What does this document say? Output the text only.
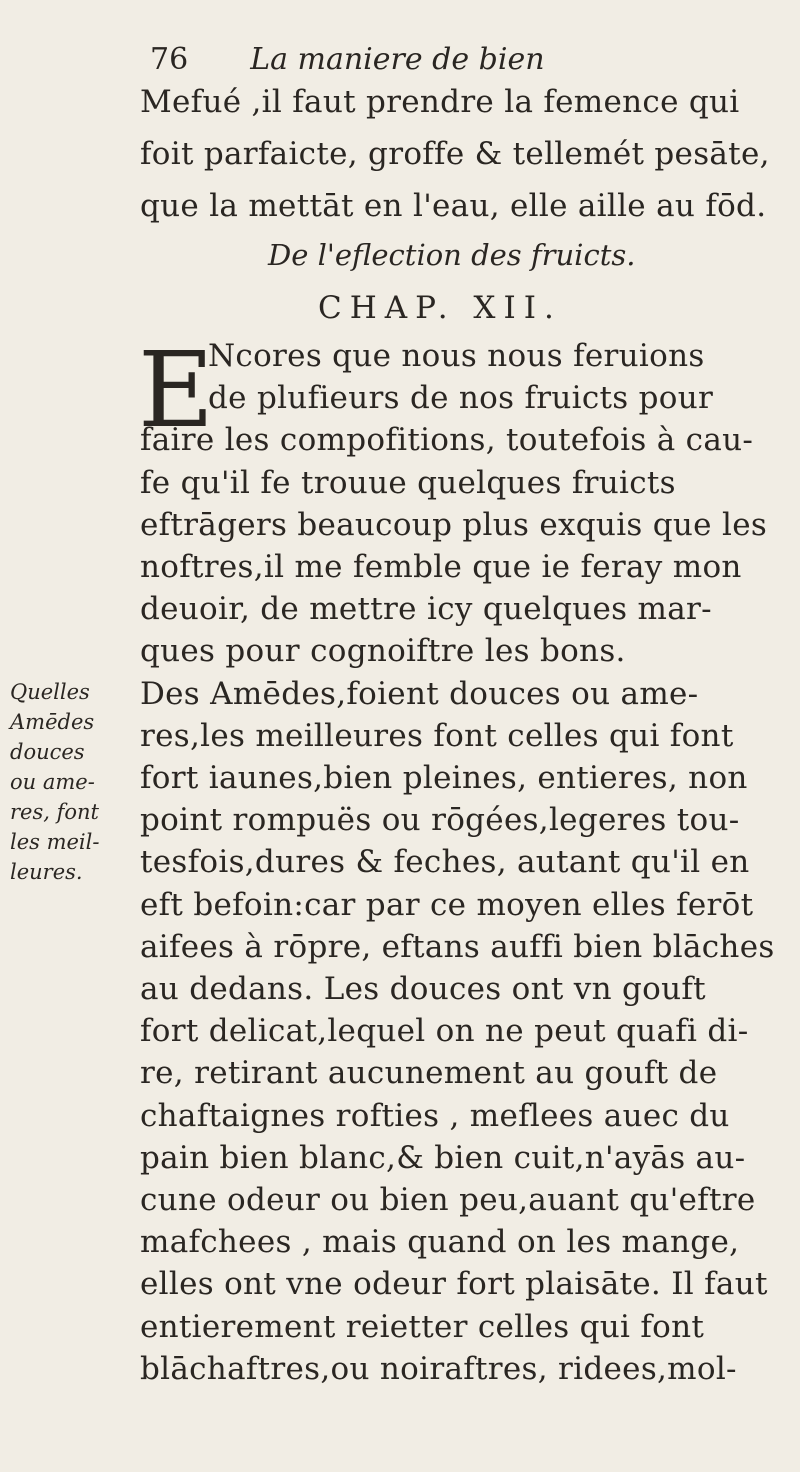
76 La maniere de bien
Mefué ,il faut prendre la femence qui
foit parfaicte, groffe & tellemét pesāte,
que la mettāt en l'eau, elle aille au fōd.
De l'eflection des fruicts.
CHAP. XII.
E
Ncores que nous nous feruions
de plufieurs de nos fruicts pour
faire les compofitions, toutefois à cau-
fe qu'il fe trouue quelques fruicts
eftrāgers beaucoup plus exquis que les
noftres,il me femble que ie feray mon
deuoir, de mettre icy quelques mar-
ques pour cognoiftre les bons.
Des Amēdes,foient douces ou ame-
res,les meilleures font celles qui font
fort iaunes,bien pleines, entieres, non
point rompuës ou rōgées,legeres tou-
tesfois,dures & feches, autant qu'il en
eft befoin:car par ce moyen elles ferōt
aifees à rōpre, eftans auffi bien blāches
au dedans. Les douces ont vn gouft
fort delicat,lequel on ne peut quafi di-
re, retirant aucunement au gouft de
chaftaignes rofties , meflees auec du
pain bien blanc,& bien cuit,n'ayās au-
cune odeur ou bien peu,auant qu'eftre
mafchees , mais quand on les mange,
elles ont vne odeur fort plaisāte. Il faut
entierement reietter celles qui font
blāchaftres,ou noiraftres, ridees,mol-
Quelles
Amēdes
douces
ou ame-
res, font
les meil-
leures.
